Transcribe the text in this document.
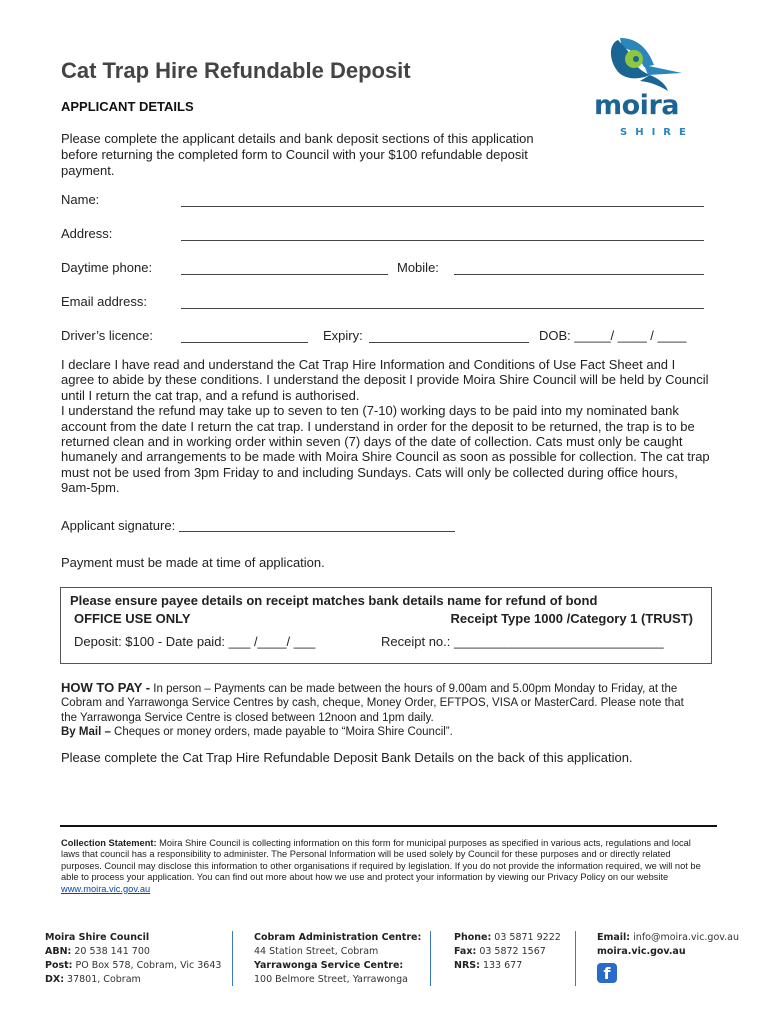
moira
SHIRE
Cat Trap Hire Refundable Deposit
APPLICANT DETAILS
Please complete the applicant details and bank deposit sections of this application before returning the completed form to Council with your $100 refundable deposit payment.
Name:
Address:
Daytime phone:	Mobile:
Email address:
Driver’s licence:	Expiry:	DOB: _____/ ____ / ____

I declare I have read and understand the Cat Trap Hire Information and Conditions of Use Fact Sheet and I agree to abide by these conditions. I understand the deposit I provide Moira Shire Council will be held by Council until I return the cat trap, and a refund is authorised.

I understand the refund may take up to seven to ten (7-10) working days to be paid into my nominated bank account from the date I return the cat trap. I understand in order for the deposit to be returned, the trap is to be returned clean and in working order within seven (7) days of the date of collection. Cats must only be caught humanely and arrangements to be made with Moira Shire Council as soon as possible for collection. The cat trap must not be used from 3pm Friday to and including Sundays. Cats will only be collected during office hours, 9am-5pm.

Applicant signature:
Payment must be made at time of application.
Please ensure payee details on receipt matches bank details name for refund of bond
OFFICE USE ONLY	Receipt Type 1000 /Category 1 (TRUST)
Deposit: $100 - Date paid: ___ /____/ ___	Receipt no.: _____________________________

HOW TO PAY - In person – Payments can be made between the hours of 9.00am and 5.00pm Monday to Friday, at the Cobram and Yarrawonga Service Centres by cash, cheque, Money Order, EFTPOS, VISA or MasterCard. Please note that the Yarrawonga Service Centre is closed between 12noon and 1pm daily.

By Mail – Cheques or money orders, made payable to “Moira Shire Council”.

Please complete the Cat Trap Hire Refundable Deposit Bank Details on the back of this application.
Collection Statement: Moira Shire Council is collecting information on this form for municipal purposes as specified in various acts, regulations and local laws that council has a responsibility to administer. The Personal Information will be used solely by Council for these purposes and or directly related purposes. Council may disclose this information to other organisations if required by legislation. If you do not provide the information required, we will not be able to process your application. You can find out more about how we use and protect your information by viewing our Privacy Policy on our website www.moira.vic.gov.au
Moira Shire Council
ABN: 20 538 141 700
Post: PO Box 578, Cobram, Vic 3643
DX: 37801, Cobram
Cobram Administration Centre:
44 Station Street, Cobram
Yarrawonga Service Centre:
100 Belmore Street, Yarrawonga
Phone: 03 5871 9222
Fax: 03 5872 1567
NRS: 133 677
Email: info@moira.vic.gov.au
moira.vic.gov.au
f
